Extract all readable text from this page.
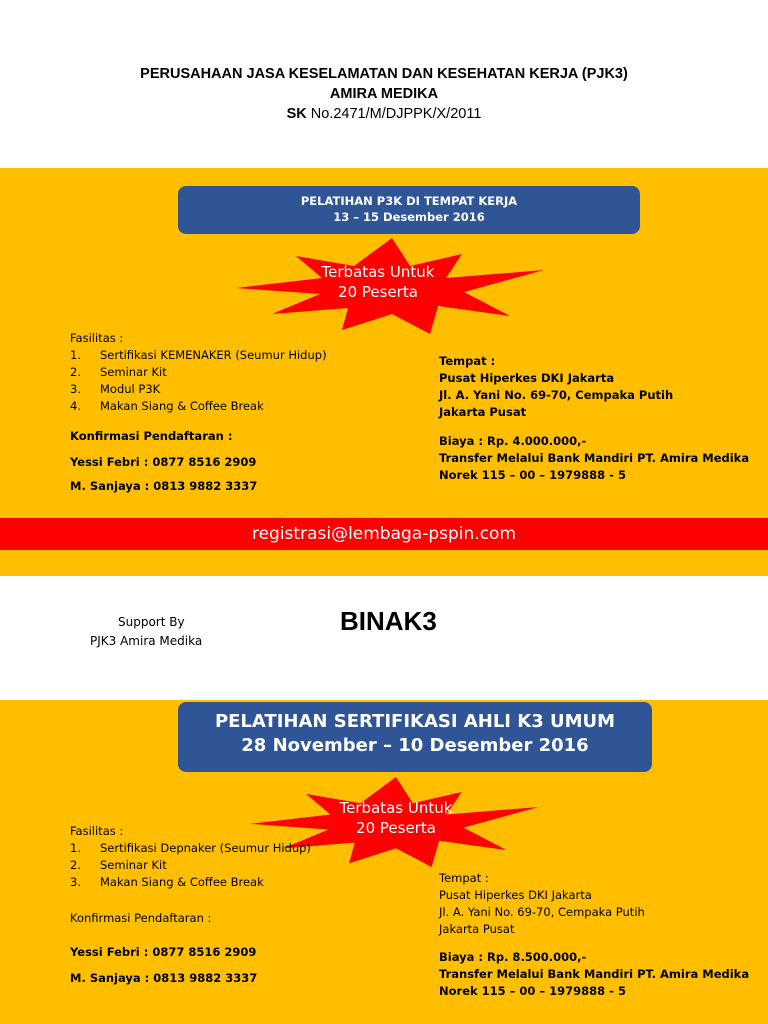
PERUSAHAAN JASA KESELAMATAN DAN KESEHATAN KERJA (PJK3)
AMIRA MEDIKA
SK No.2471/M/DJPPK/X/2011
PELATIHAN P3K DI TEMPAT KERJA
13 – 15 Desember 2016
Terbatas Untuk
20 Peserta
Fasilitas :
1. Sertifikasi KEMENAKER (Seumur Hidup)
2. Seminar Kit
3. Modul P3K
4. Makan Siang & Coffee Break
Konfirmasi Pendaftaran :
Yessi Febri : 0877 8516 2909
M. Sanjaya : 0813 9882 3337
Tempat :
Pusat Hiperkes DKI Jakarta
Jl. A. Yani No. 69-70, Cempaka Putih
Jakarta Pusat
Biaya : Rp. 4.000.000,-
Transfer Melalui Bank Mandiri PT. Amira Medika
Norek 115 – 00 – 1979888 - 5
registrasi@lembaga-pspin.com
Support By
PJK3 Amira Medika
BINAK3
PELATIHAN SERTIFIKASI AHLI K3 UMUM
28 November – 10 Desember 2016
Fasilitas :
1. Sertifikasi Depnaker (Seumur Hidup)
2. Seminar Kit
3. Makan Siang & Coffee Break
Terbatas Untuk
20 Peserta
Konfirmasi Pendaftaran :
Yessi Febri : 0877 8516 2909
M. Sanjaya : 0813 9882 3337
Tempat :
Pusat Hiperkes DKI Jakarta
Jl. A. Yani No. 69-70, Cempaka Putih
Jakarta Pusat
Biaya : Rp. 8.500.000,-
Transfer Melalui Bank Mandiri PT. Amira Medika
Norek 115 – 00 – 1979888 - 5
